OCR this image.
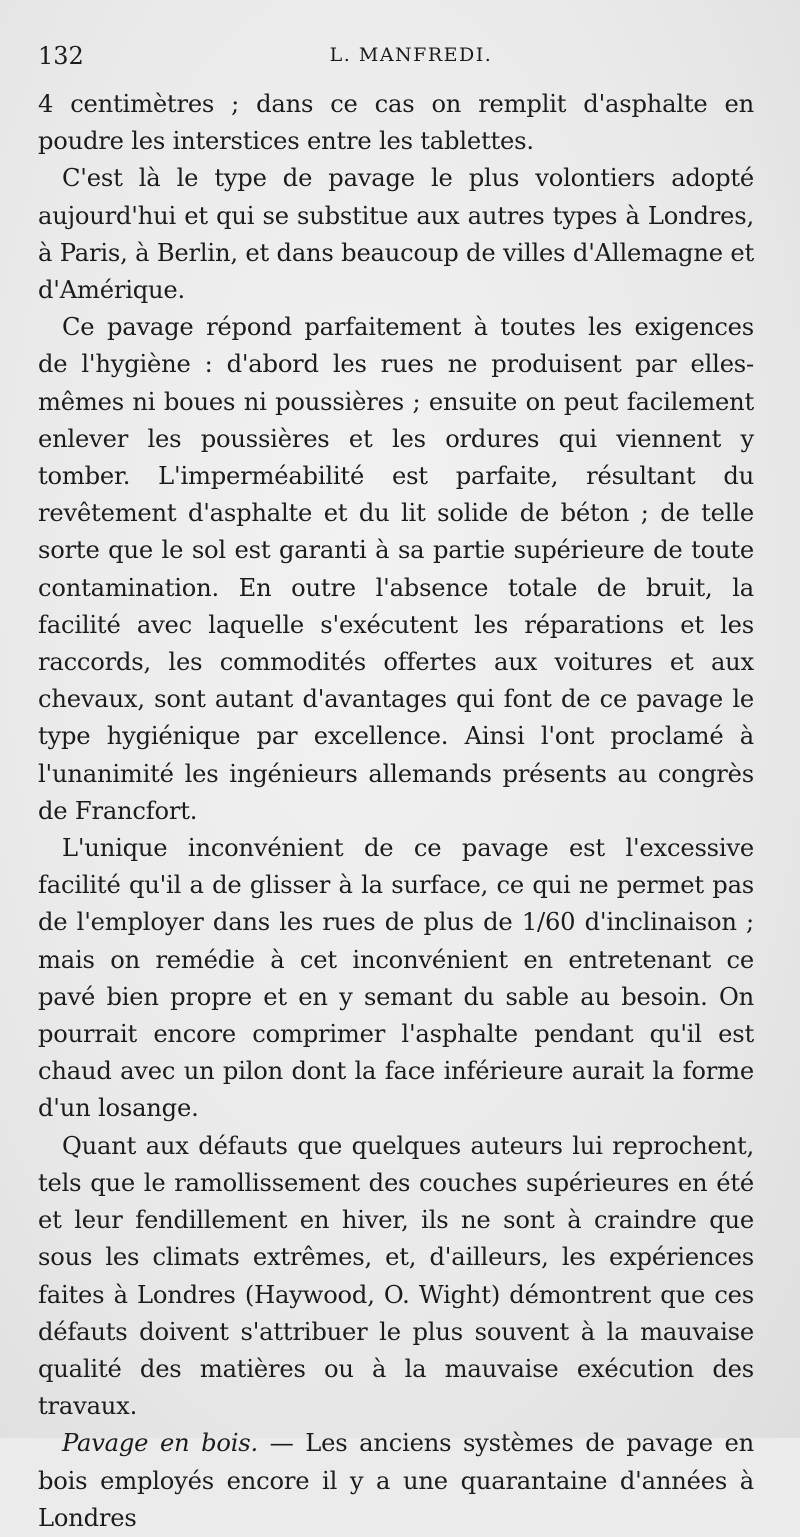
132	L. MANFREDI.

4 centimètres ; dans ce cas on remplit d'asphalte en poudre les interstices entre les tablettes.

C'est là le type de pavage le plus volontiers adopté aujourd'hui et qui se substitue aux autres types à Londres, à Paris, à Berlin, et dans beaucoup de villes d'Allemagne et d'Amérique.

Ce pavage répond parfaitement à toutes les exigences de l'hygiène : d'abord les rues ne produisent par elles-mêmes ni boues ni poussières ; ensuite on peut facilement enlever les poussières et les ordures qui viennent y tomber. L'imperméabilité est parfaite, résultant du revêtement d'asphalte et du lit solide de béton ; de telle sorte que le sol est garanti à sa partie supérieure de toute contamination. En outre l'absence totale de bruit, la facilité avec laquelle s'exécutent les réparations et les raccords, les commodités offertes aux voitures et aux chevaux, sont autant d'avantages qui font de ce pavage le type hygiénique par excellence. Ainsi l'ont proclamé à l'unanimité les ingénieurs allemands présents au congrès de Francfort.

L'unique inconvénient de ce pavage est l'excessive facilité qu'il a de glisser à la surface, ce qui ne permet pas de l'employer dans les rues de plus de 1/60 d'inclinaison ; mais on remédie à cet inconvénient en entretenant ce pavé bien propre et en y semant du sable au besoin. On pourrait encore comprimer l'asphalte pendant qu'il est chaud avec un pilon dont la face inférieure aurait la forme d'un losange.

Quant aux défauts que quelques auteurs lui reprochent, tels que le ramollissement des couches supérieures en été et leur fendillement en hiver, ils ne sont à craindre que sous les climats extrêmes, et, d'ailleurs, les expériences faites à Londres (Haywood, O. Wight) démontrent que ces défauts doivent s'attribuer le plus souvent à la mauvaise qualité des matières ou à la mauvaise exécution des travaux.

Pavage en bois. — Les anciens systèmes de pavage en bois employés encore il y a une quarantaine d'années à Londres
